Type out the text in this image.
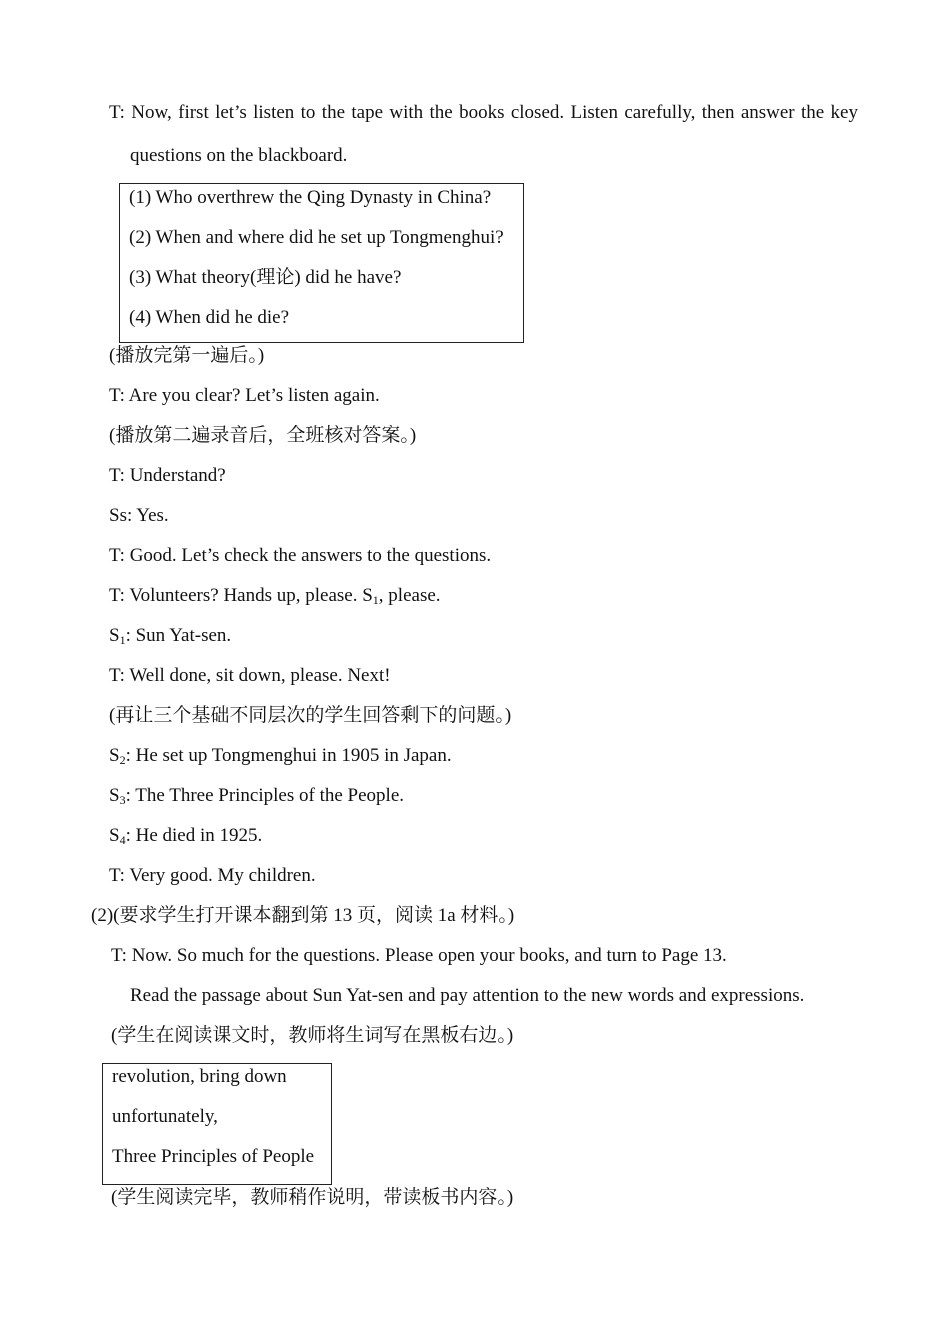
T: Now, first let’s listen to the tape with the books closed. Listen carefully, then answer the key
questions on the blackboard.
(1) Who overthrew the Qing Dynasty in China?
(2) When and where did he set up Tongmenghui?
(3) What theory(理论) did he have?
(4) When did he die?
(播放完第一遍后。)
T: Are you clear? Let’s listen again.
(播放第二遍录音后，全班核对答案。)
T: Understand?
Ss: Yes.
T: Good. Let’s check the answers to the questions.
T: Volunteers? Hands up, please. $S_1$, please.
$S_1$: Sun Yat-sen.
T: Well done, sit down, please. Next!
(再让三个基础不同层次的学生回答剩下的问题。)
$S_2$: He set up Tongmenghui in 1905 in Japan.
$S_3$: The Three Principles of the People.
$S_4$: He died in 1925.
T: Very good. My children.
(2)(要求学生打开课本翻到第 13 页，阅读 1a 材料。)
T: Now. So much for the questions. Please open your books, and turn to Page 13.
Read the passage about Sun Yat-sen and pay attention to the new words and expressions.
(学生在阅读课文时，教师将生词写在黑板右边。)
revolution, bring down
unfortunately,
Three Principles of People
(学生阅读完毕，教师稍作说明，带读板书内容。)
